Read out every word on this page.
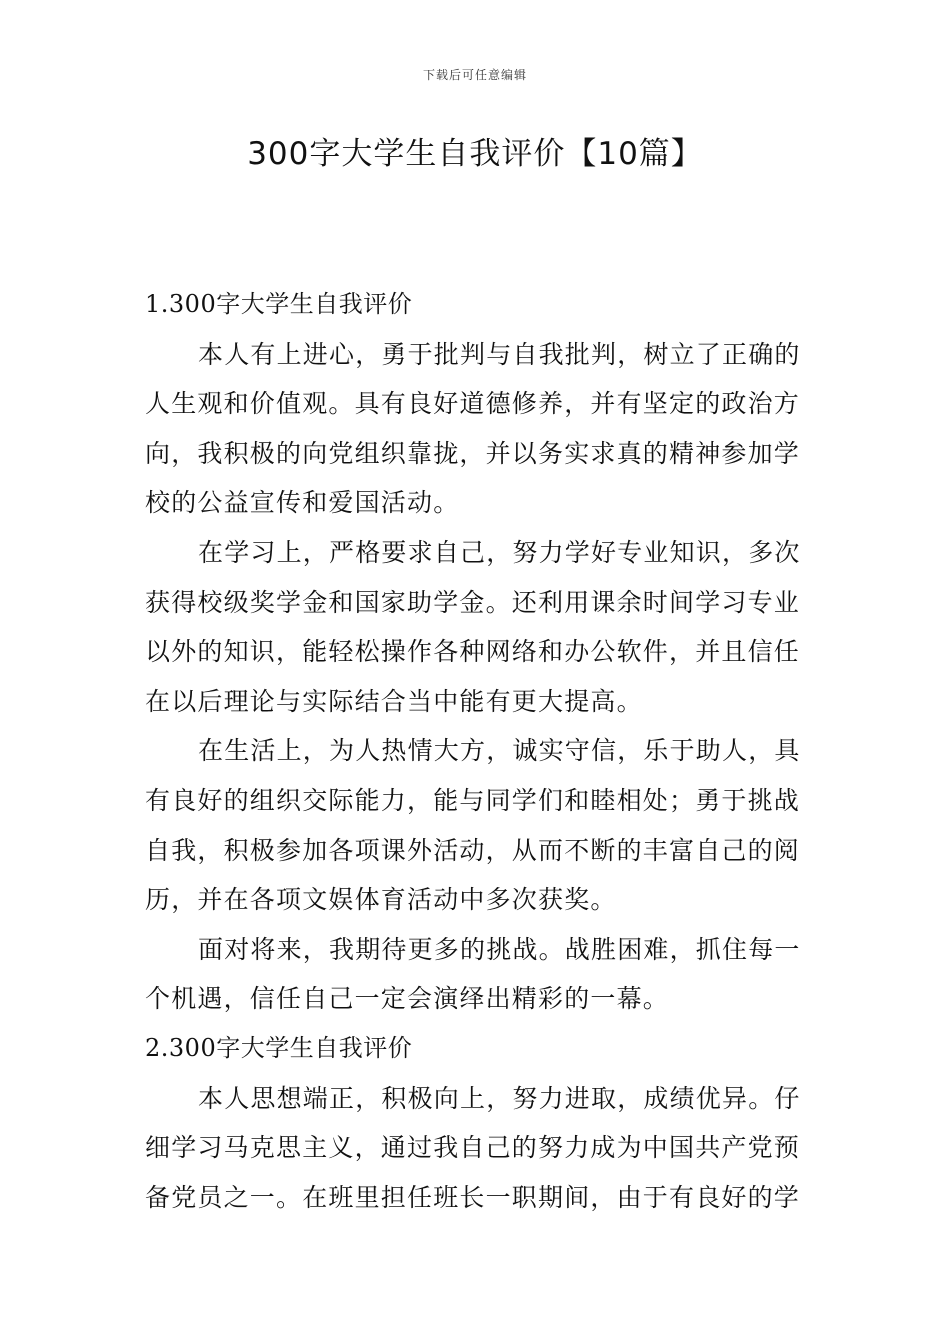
下载后可任意编辑
300字大学生自我评价【10篇】
1.300字大学生自我评价
本人有上进心，勇于批判与自我批判，树立了正确的
人生观和价值观。具有良好道德修养，并有坚定的政治方
向，我积极的向党组织靠拢，并以务实求真的精神参加学
校的公益宣传和爱国活动。
在学习上，严格要求自己，努力学好专业知识，多次
获得校级奖学金和国家助学金。还利用课余时间学习专业
以外的知识，能轻松操作各种网络和办公软件，并且信任
在以后理论与实际结合当中能有更大提高。
在生活上，为人热情大方，诚实守信，乐于助人，具
有良好的组织交际能力，能与同学们和睦相处；勇于挑战
自我，积极参加各项课外活动，从而不断的丰富自己的阅
历，并在各项文娱体育活动中多次获奖。
面对将来，我期待更多的挑战。战胜困难，抓住每一
个机遇，信任自己一定会演绎出精彩的一幕。
2.300字大学生自我评价
本人思想端正，积极向上，努力进取，成绩优异。仔
细学习马克思主义，通过我自己的努力成为中国共产党预
备党员之一。在班里担任班长一职期间，由于有良好的学
